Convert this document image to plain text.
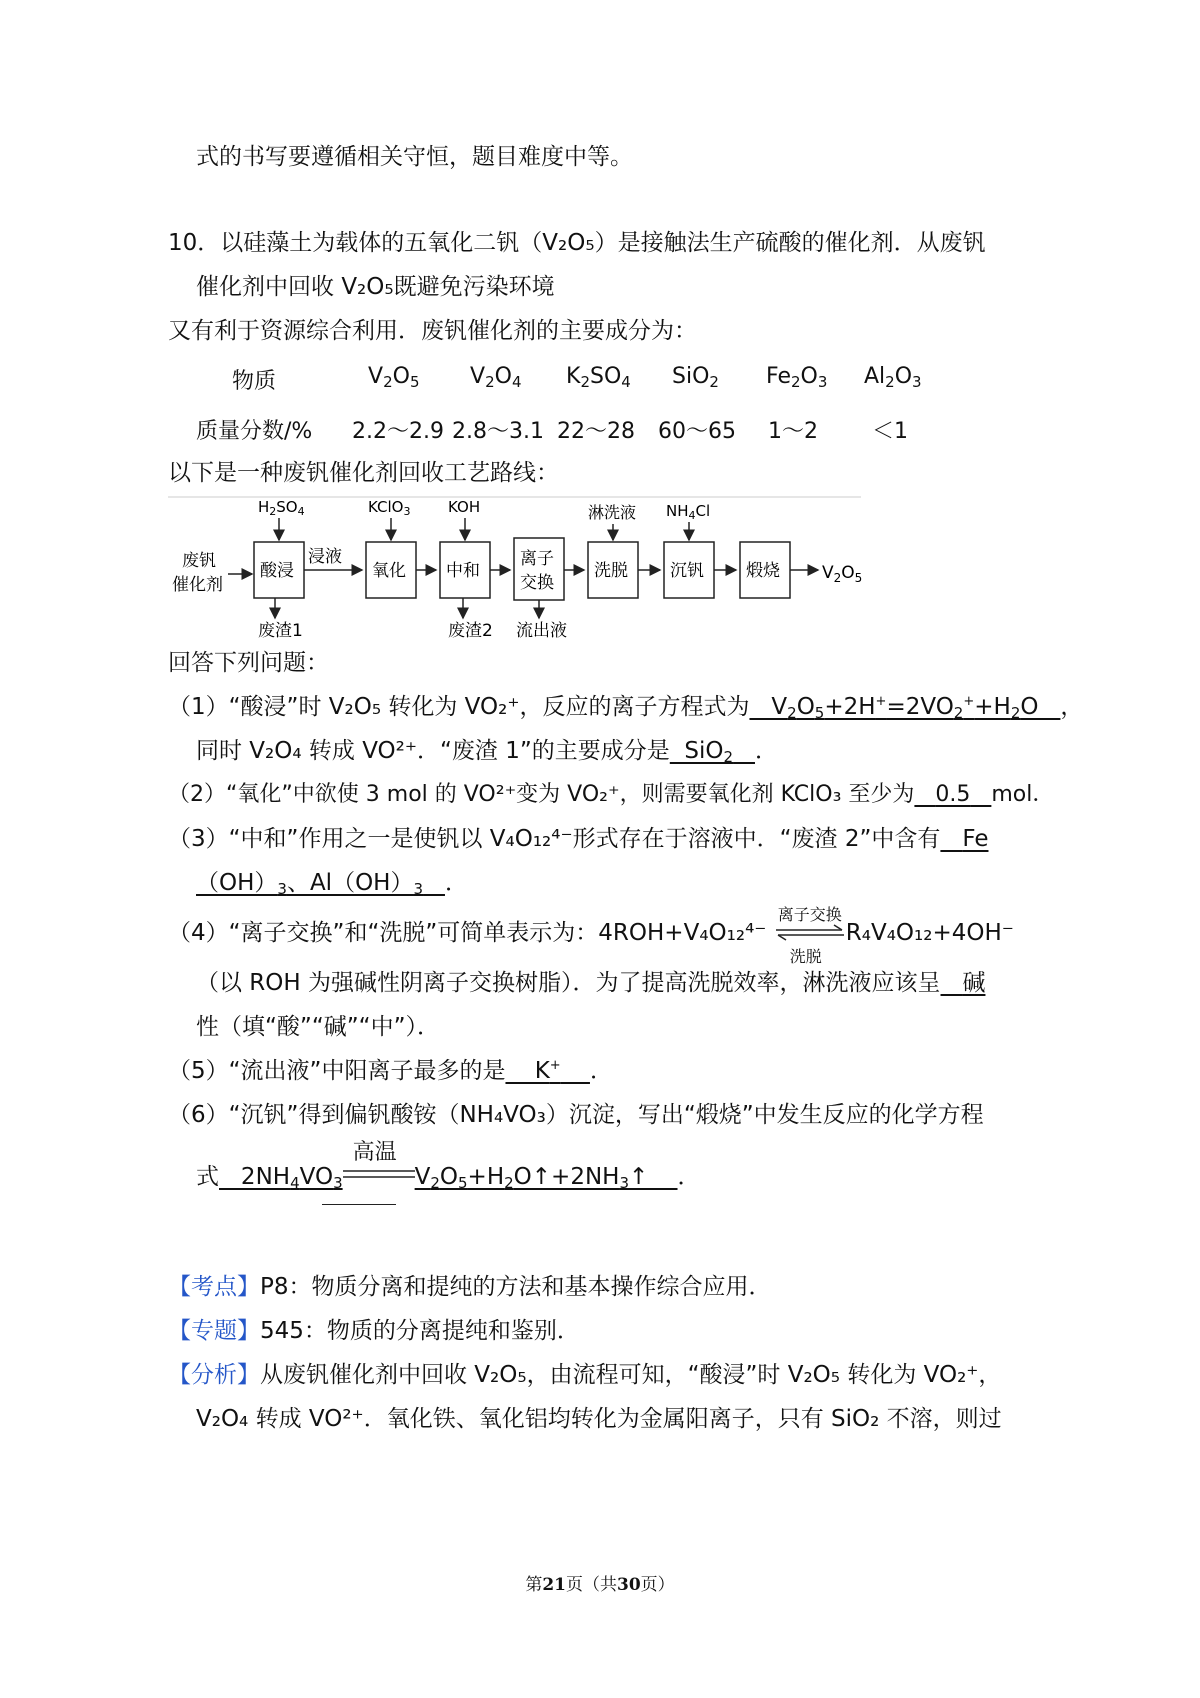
式的书写要遵循相关守恒，题目难度中等。
10．以硅藻土为载体的五氧化二钒（V₂O₅）是接触法生产硫酸的催化剂．从废钒
催化剂中回收 V₂O₅既避免污染环境
又有利于资源综合利用．废钒催化剂的主要成分为：
物质	$V_2O_5$ $V_2O_4$ $K_2SO_4$ SiO$_2$ $Fe_2O_3$ $Al_2O_3$
质量分数/% 2.2～2.9 2.8～3.1 22～28 60～65 1～2 ＜1
以下是一种废钒催化剂回收工艺路线：
废钒
催化剂
酸浸
浸液
氧化 中和
离子
交换
洗脱 沉钒 煅烧 $V_2O_5$
$H_2SO_4$	KClO$_3$	KOH	淋洗液 $NH_4Cl$
废渣1	废渣2 流出液
回答下列问题：
（1）“酸浸”时 V₂O₅ 转化为 VO₂⁺，反应的离子方程式为   $V_2O_5+2H^+=2VO_2^++H_2O$   ，
同时 V₂O₄ 转成 VO²⁺．“废渣 1”的主要成分是  SiO$_2$ ．
（2）“氧化”中欲使 3 mol 的 VO²⁺变为 VO₂⁺，则需要氧化剂 KClO₃ 至少为 0.5 mol．
（3）“中和”作用之一是使钒以 V₄O₁₂⁴⁻形式存在于溶液中．“废渣 2”中含有 Fe
$(OH)_3$、$Al(OH)_3$ ．
（4）“离子交换”和“洗脱”可简单表示为：4ROH+V₄O₁₂⁴⁻
离子交换
洗脱
R₄V₄O₁₂+4OH⁻
（以 ROH 为强碱性阴离子交换树脂）．为了提高洗脱效率，淋洗液应该呈 碱
性（填“酸”“碱”“中”）．
（5）“流出液”中阳离子最多的是    K+ ．
（6）“沉钒”得到偏钒酸铵（NH₄VO₃）沉淀，写出“煅烧”中发生反应的化学方程
式   $2NH_4VO_3$
高温
$V_2O_5+H_2O↑+2NH_3↑$    ．
【考点】P8：物质分离和提纯的方法和基本操作综合应用．
【专题】545：物质的分离提纯和鉴别．
【分析】从废钒催化剂中回收 V₂O₅，由流程可知，“酸浸”时 V₂O₅ 转化为 VO₂⁺，
V₂O₄ 转成 VO²⁺．氧化铁、氧化铝均转化为金属阳离子，只有 SiO₂ 不溶，则过
第21页（共30页）
